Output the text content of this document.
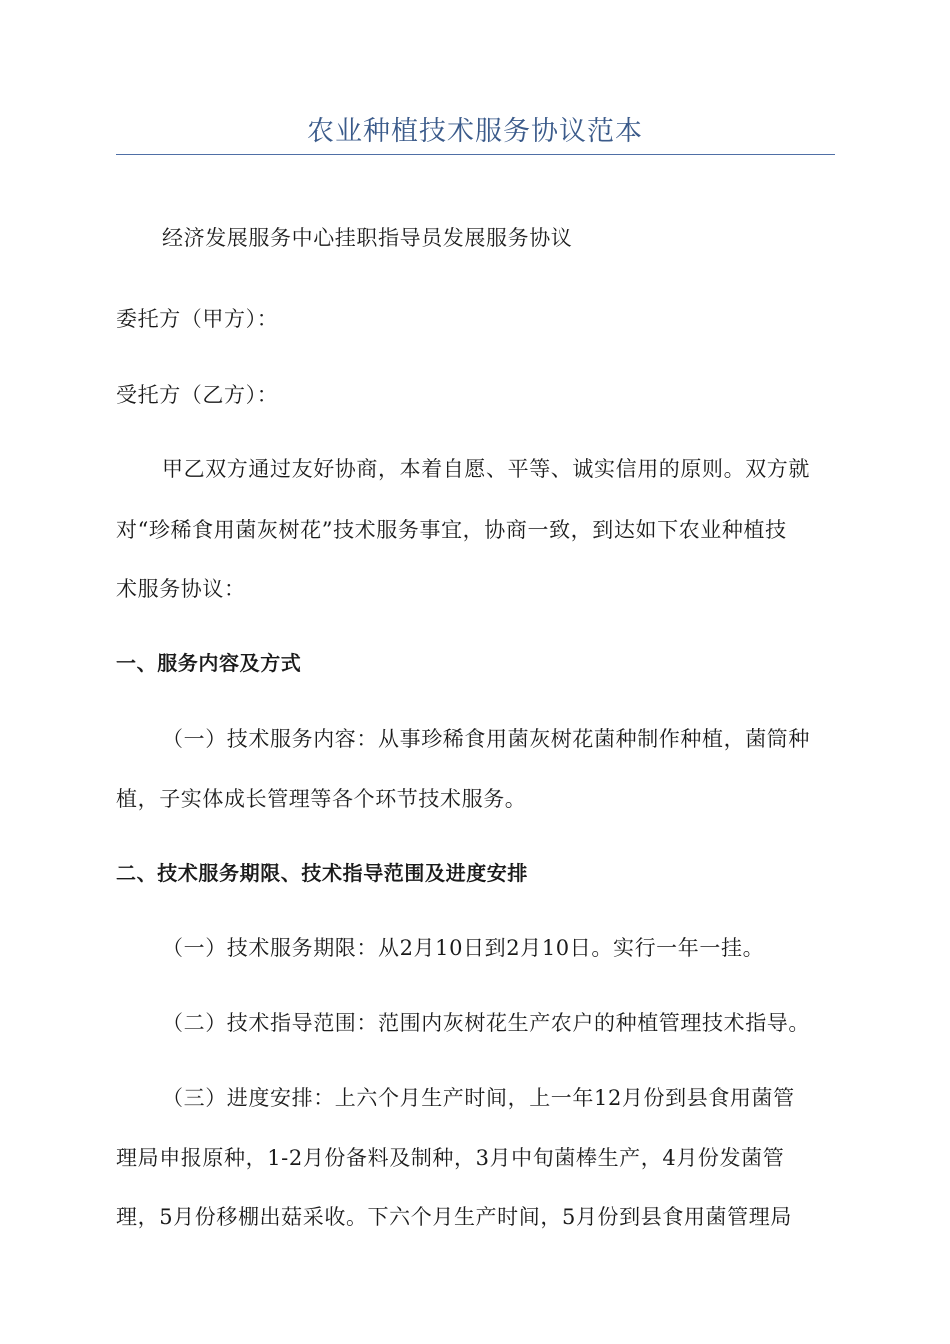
农业种植技术服务协议范本
经济发展服务中心挂职指导员发展服务协议
委托方（甲方）：
受托方（乙方）：
甲乙双方通过友好协商，本着自愿、平等、诚实信用的原则。双方就
对“珍稀食用菌灰树花”技术服务事宜，协商一致，到达如下农业种植技
术服务协议：
一、服务内容及方式
（一）技术服务内容：从事珍稀食用菌灰树花菌种制作种植，菌筒种
植，子实体成长管理等各个环节技术服务。
二、技术服务期限、技术指导范围及进度安排
（一）技术服务期限：从2月10日到2月10日。实行一年一挂。
（二）技术指导范围：范围内灰树花生产农户的种植管理技术指导。
（三）进度安排：上六个月生产时间，上一年12月份到县食用菌管
理局申报原种，1-2月份备料及制种，3月中旬菌棒生产，4月份发菌管
理，5月份移棚出菇采收。下六个月生产时间，5月份到县食用菌管理局
